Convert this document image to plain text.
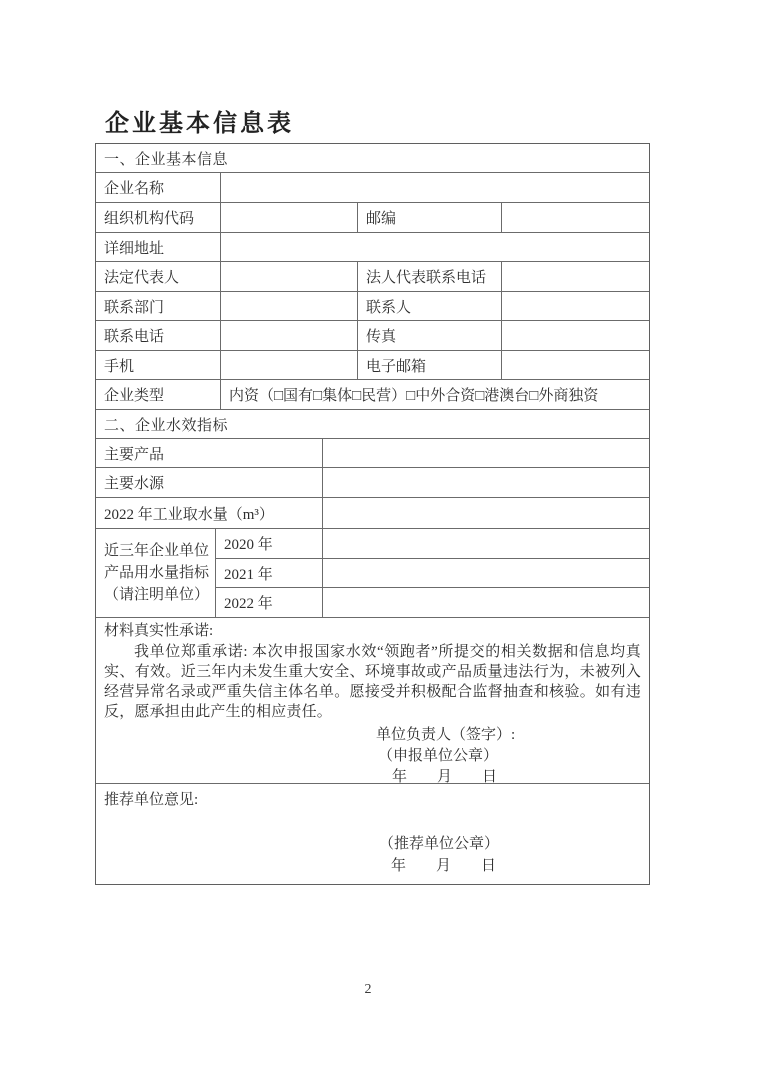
企业基本信息表
一、企业基本信息
企业名称
组织机构代码	邮编
详细地址
法定代表人	法人代表联系电话
联系部门	联系人
联系电话	传真
手机	电子邮箱
企业类型	内资（□国有□集体□民营）□中外合资□港澳台□外商独资
二、企业水效指标
主要产品
主要水源
2022 年工业取水量（m³）
近三年企业单位产品用水量指标（请注明单位）
2020 年
2021 年
2022 年
材料真实性承诺:
我单位郑重承诺: 本次申报国家水效“领跑者”所提交的相关数据和信息均真实、有效。近三年内未发生重大安全、环境事故或产品质量违法行为，未被列入经营异常名录或严重失信主体名单。愿接受并积极配合监督抽查和核验。如有违反，愿承担由此产生的相应责任。
单位负责人（签字）:
（申报单位公章）
年　　月　　日
推荐单位意见:
（推荐单位公章）
年　　月　　日
2
